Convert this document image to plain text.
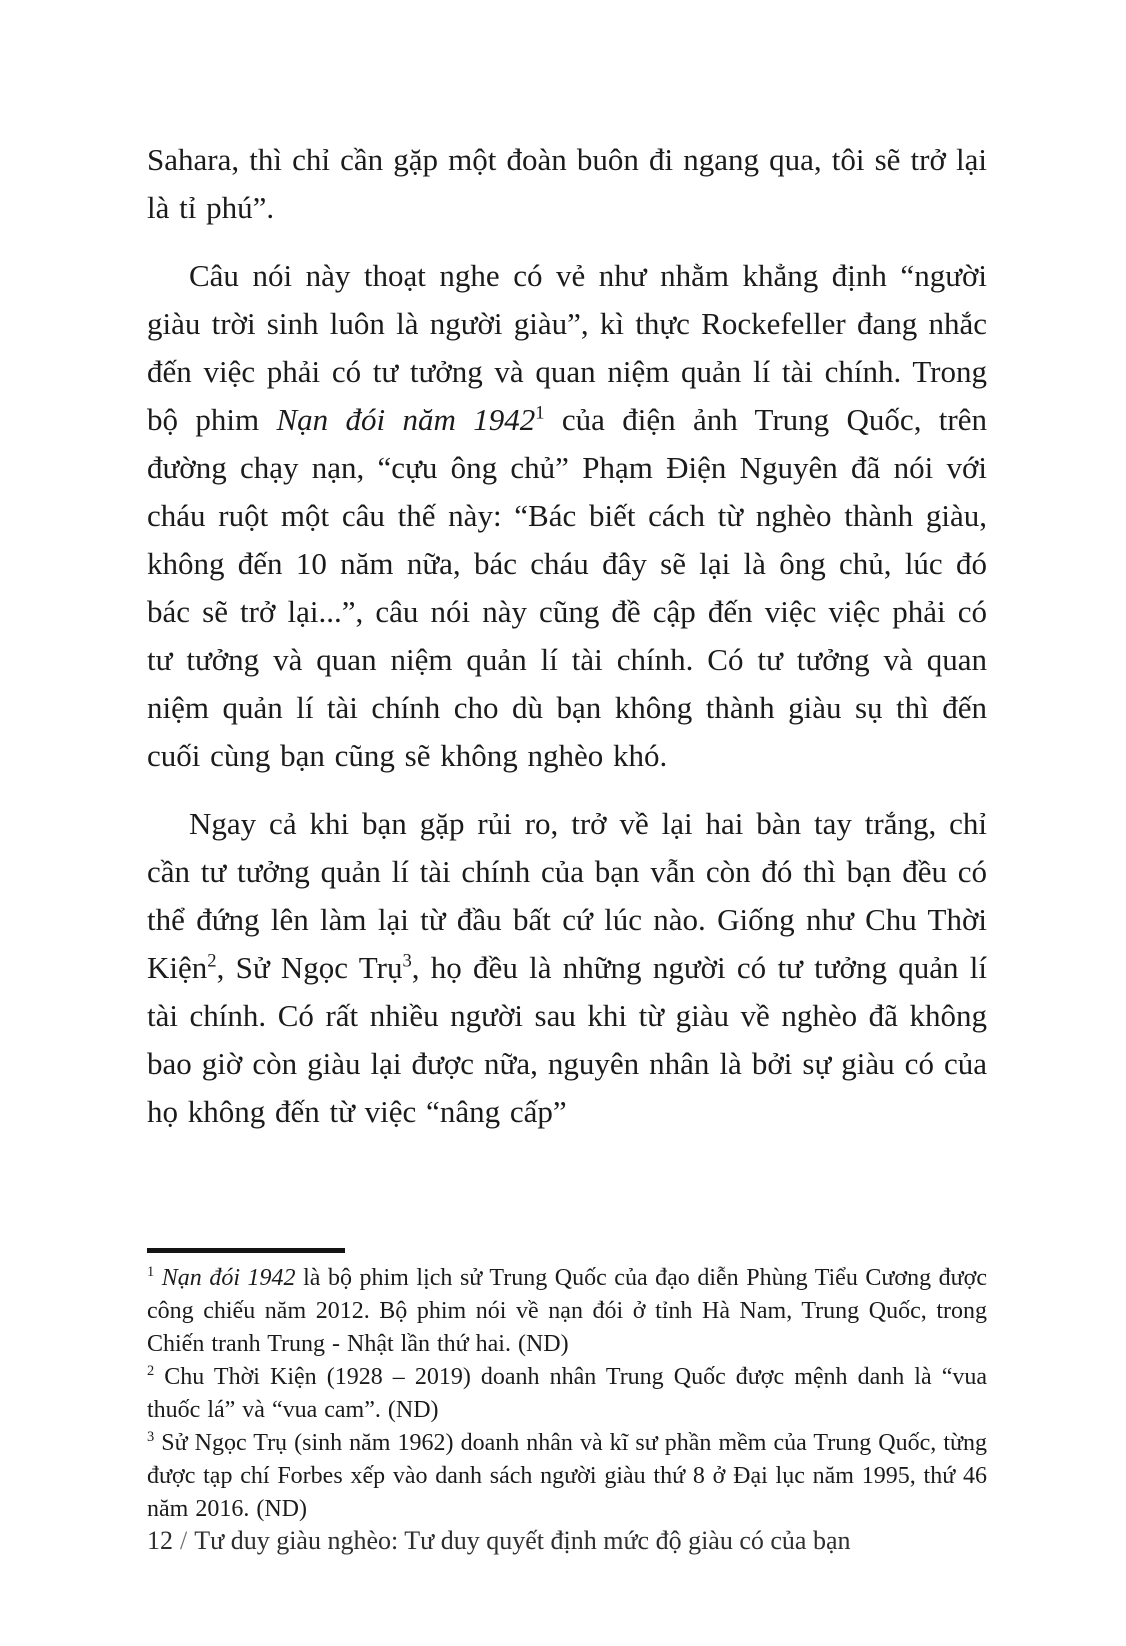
Sahara, thì chỉ cần gặp một đoàn buôn đi ngang qua, tôi sẽ trở lại là tỉ phú”.

Câu nói này thoạt nghe có vẻ như nhằm khẳng định “người giàu trời sinh luôn là người giàu”, kì thực Rockefeller đang nhắc đến việc phải có tư tưởng và quan niệm quản lí tài chính. Trong bộ phim Nạn đói năm 1942$^1$ của điện ảnh Trung Quốc, trên đường chạy nạn, “cựu ông chủ” Phạm Điện Nguyên đã nói với cháu ruột một câu thế này: “Bác biết cách từ nghèo thành giàu, không đến 10 năm nữa, bác cháu đây sẽ lại là ông chủ, lúc đó bác sẽ trở lại...”, câu nói này cũng đề cập đến việc việc phải có tư tưởng và quan niệm quản lí tài chính. Có tư tưởng và quan niệm quản lí tài chính cho dù bạn không thành giàu sụ thì đến cuối cùng bạn cũng sẽ không nghèo khó.

Ngay cả khi bạn gặp rủi ro, trở về lại hai bàn tay trắng, chỉ cần tư tưởng quản lí tài chính của bạn vẫn còn đó thì bạn đều có thể đứng lên làm lại từ đầu bất cứ lúc nào. Giống như Chu Thời Kiện$^2$, Sử Ngọc Trụ$^3$, họ đều là những người có tư tưởng quản lí tài chính. Có rất nhiều người sau khi từ giàu về nghèo đã không bao giờ còn giàu lại được nữa, nguyên nhân là bởi sự giàu có của họ không đến từ việc “nâng cấp”

$^1$ Nạn đói 1942 là bộ phim lịch sử Trung Quốc của đạo diễn Phùng Tiểu Cương được công chiếu năm 2012. Bộ phim nói về nạn đói ở tỉnh Hà Nam, Trung Quốc, trong Chiến tranh Trung - Nhật lần thứ hai. (ND)

$^2$ Chu Thời Kiện (1928 – 2019) doanh nhân Trung Quốc được mệnh danh là “vua thuốc lá” và “vua cam”. (ND)

$^3$ Sử Ngọc Trụ (sinh năm 1962) doanh nhân và kĩ sư phần mềm của Trung Quốc, từng được tạp chí Forbes xếp vào danh sách người giàu thứ 8 ở Đại lục năm 1995, thứ 46 năm 2016. (ND)

12 / Tư duy giàu nghèo: Tư duy quyết định mức độ giàu có của bạn
